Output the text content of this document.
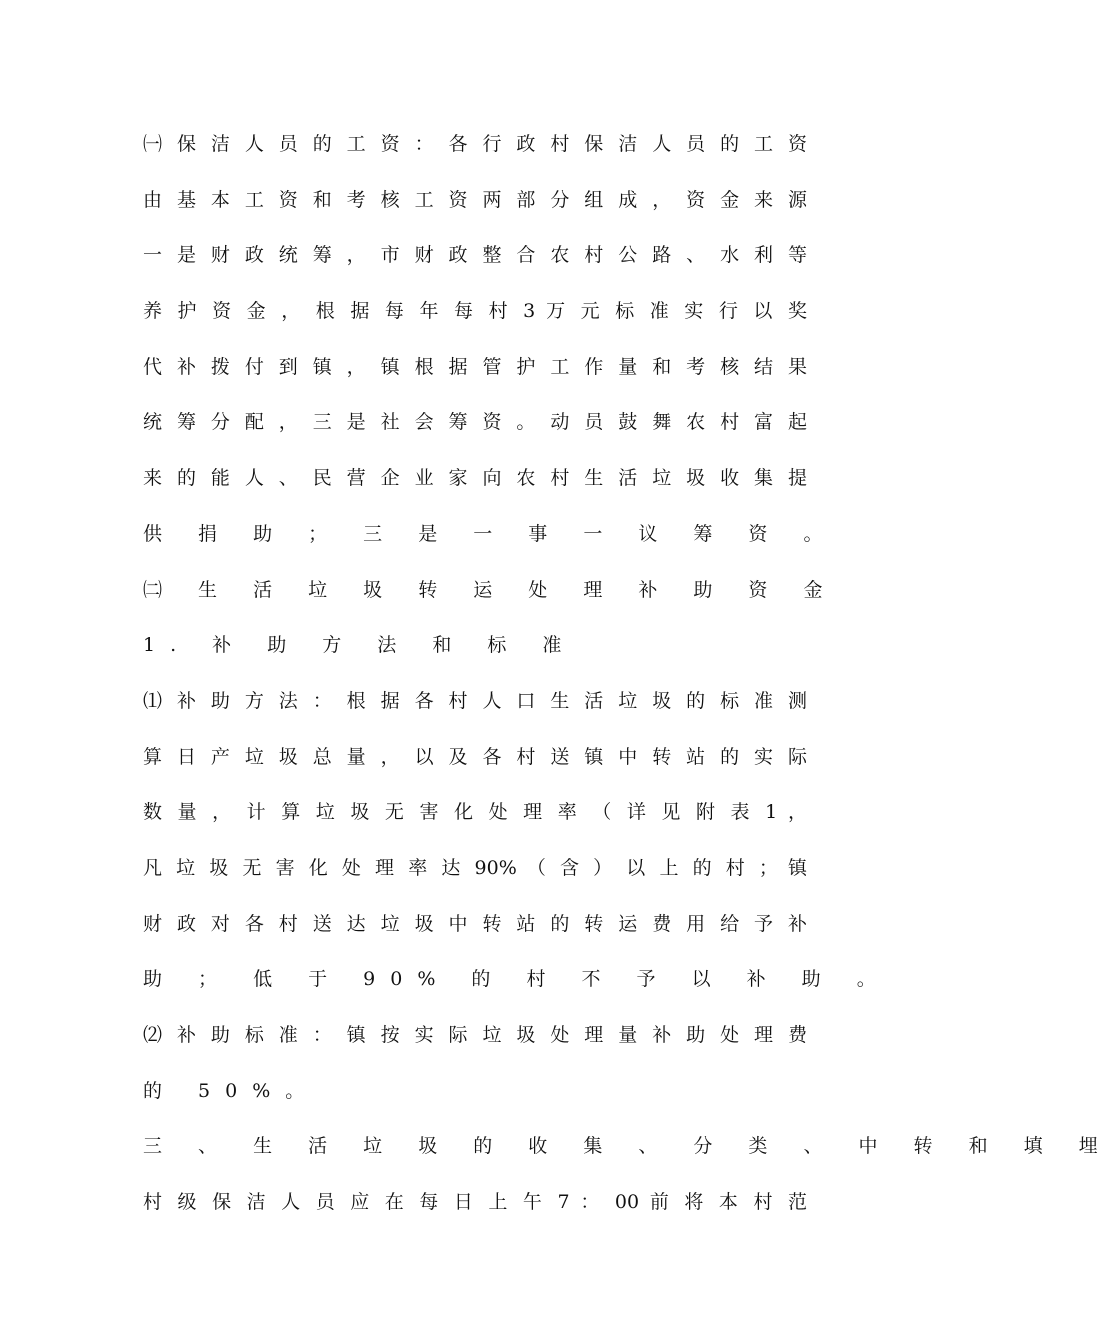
㈠ 保 洁 人 员 的 工 资 ： 各 行 政 村 保 洁 人 员 的 工 资
由 基 本 工 资 和 考 核 工 资 两 部 分 组 成 ， 资 金 来 源
一 是 财 政 统 筹 ， 市 财 政 整 合 农 村 公 路 、 水 利 等
养 护 资 金 ， 根 据 每 年 每 村 3 万 元 标 准 实 行 以 奖
代 补 拨 付 到 镇 ， 镇 根 据 管 护 工 作 量 和 考 核 结 果
统 筹 分 配 ， 三 是 社 会 筹 资 。 动 员 鼓 舞 农 村 富 起
来 的 能 人 、 民 营 企 业 家 向 农 村 生 活 垃 圾 收 集 提
供 捐 助 ； 三 是 一 事 一 议 筹 资 。
㈡ 生 活 垃 圾 转 运 处 理 补 助 资 金
1. 补 助 方 法 和 标 准
⑴ 补 助 方 法 ： 根 据 各 村 人 口 生 活 垃 圾 的 标 准 测
算 日 产 垃 圾 总 量 ， 以 及 各 村 送 镇 中 转 站 的 实 际
数 量 ， 计 算 垃 圾 无 害 化 处 理 率 （ 详 见 附 表 1 ，
凡 垃 圾 无 害 化 处 理 率 达 90% （ 含 ） 以 上 的 村 ； 镇
财 政 对 各 村 送 达 垃 圾 中 转 站 的 转 运 费 用 给 予 补
助 ； 低 于 90% 的 村 不 予 以 补 助 。
⑵ 补 助 标 准 ： 镇 按 实 际 垃 圾 处 理 量 补 助 处 理 费
的 50%。
三 、 生 活 垃 圾 的 收 集 、 分 类 、 中 转 和 填 埋
村 级 保 洁 人 员 应 在 每 日 上 午 7 ： 00 前 将 本 村 范
